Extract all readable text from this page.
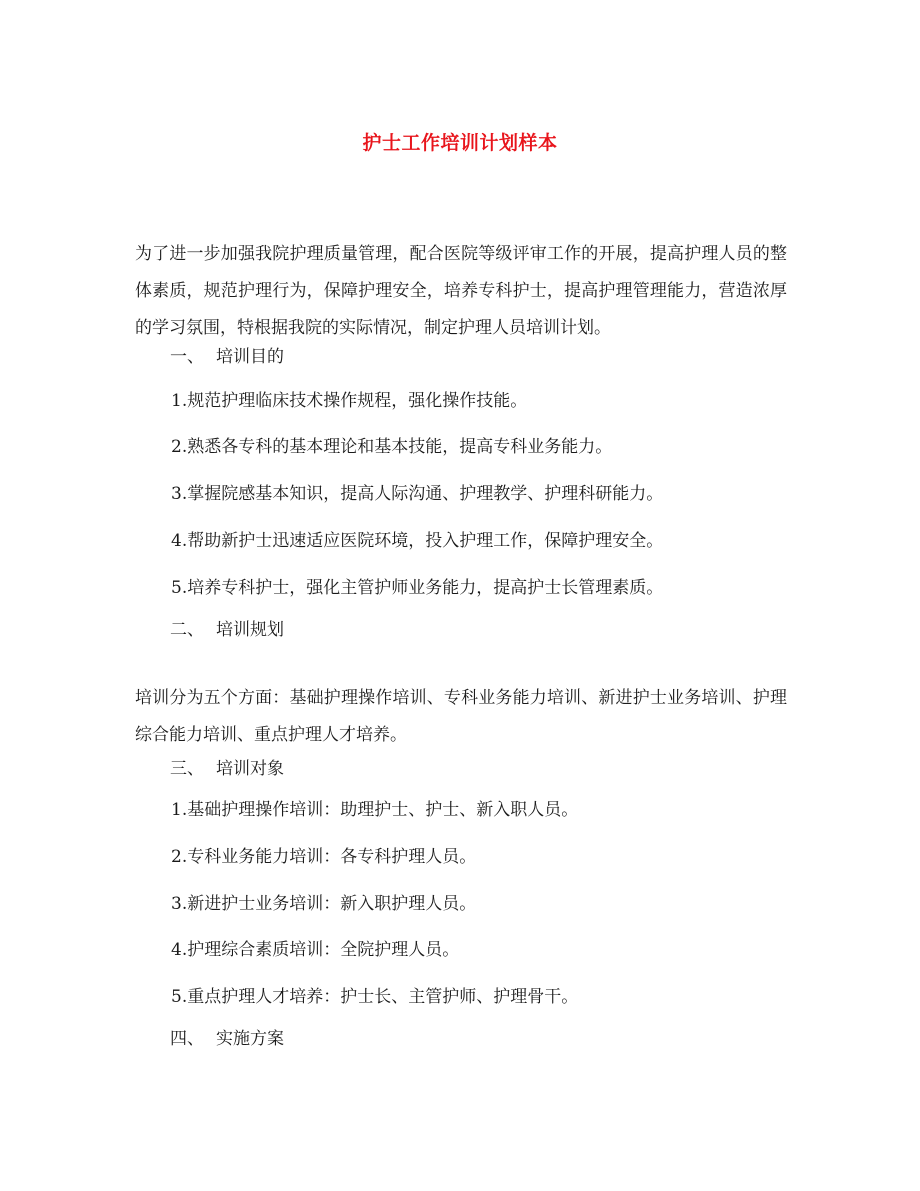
护士工作培训计划样本
为了进一步加强我院护理质量管理，配合医院等级评审工作的开展，提高护理人员的整体素质，规范护理行为，保障护理安全，培养专科护士，提高护理管理能力，营造浓厚的学习氛围，特根据我院的实际情况，制定护理人员培训计划。
一、 培训目的
1.规范护理临床技术操作规程，强化操作技能。
2.熟悉各专科的基本理论和基本技能，提高专科业务能力。
3.掌握院感基本知识，提高人际沟通、护理教学、护理科研能力。
4.帮助新护士迅速适应医院环境，投入护理工作，保障护理安全。
5.培养专科护士，强化主管护师业务能力，提高护士长管理素质。
二、 培训规划
培训分为五个方面：基础护理操作培训、专科业务能力培训、新进护士业务培训、护理综合能力培训、重点护理人才培养。
三、 培训对象
1.基础护理操作培训：助理护士、护士、新入职人员。
2.专科业务能力培训：各专科护理人员。
3.新进护士业务培训：新入职护理人员。
4.护理综合素质培训：全院护理人员。
5.重点护理人才培养：护士长、主管护师、护理骨干。
四、 实施方案
